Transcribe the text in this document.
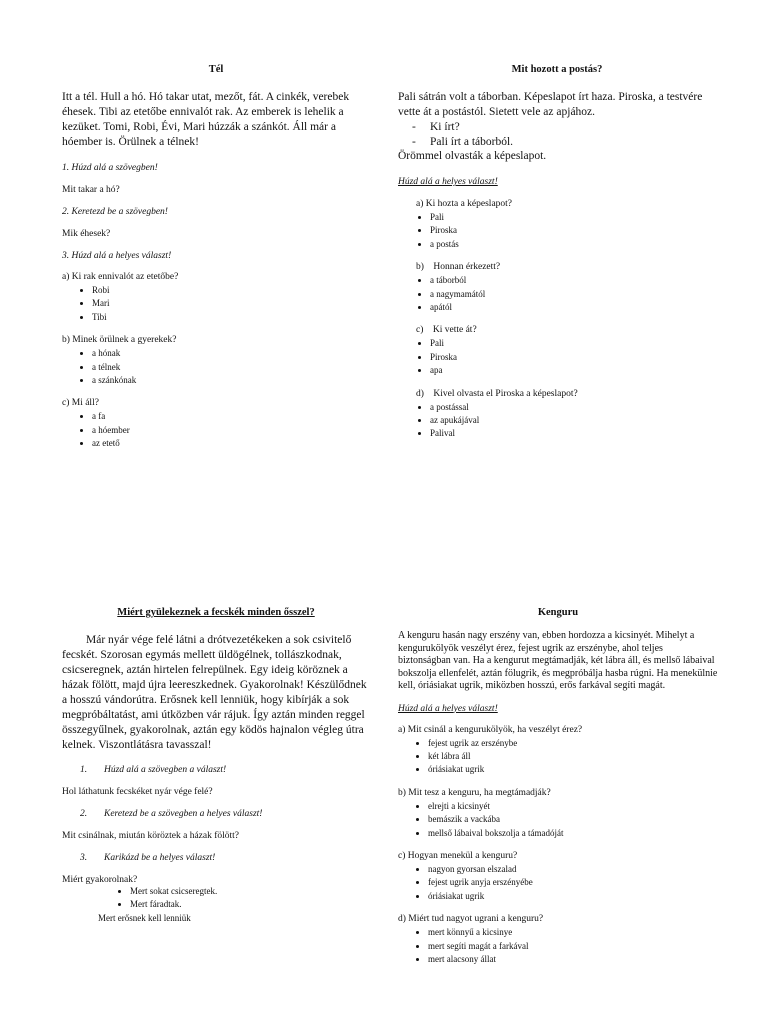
Tél

Itt a tél. Hull a hó. Hó takar utat, mezőt, fát. A cinkék, verebek éhesek. Tibi az etetőbe ennivalót rak. Az emberek is lehelik a kezüket. Tomi, Robi, Évi, Mari húzzák a szánkót. Áll már a hóember is. Örülnek a télnek!

1. Húzd alá a szövegben!

Mit takar a hó?

2. Keretezd be a szövegben!

Mik éhesek?

3. Húzd alá a helyes választ!

a) Ki rak ennivalót az etetőbe?

• Robi
• Mari
• Tibi

b) Minek örülnek a gyerekek?

• a hónak
• a télnek
• a szánkónak

c) Mi áll?

• a fa
• a hóember
• az etető

Mit hozott a postás?

Pali sátrán volt a táborban. Képeslapot írt haza. Piroska, a testvére vette át a postástól. Sietett vele az apjához.

- Ki írt?
- Pali írt a táborból.

Örömmel olvasták a képeslapot.

Húzd alá a helyes választ!

a) Ki hozta a képeslapot?

• Pali
• Piroska
• a postás

b)    Honnan érkezett?

• a táborból
• a nagymamától
• apától

c)    Ki vette át?

• Pali
• Piroska
• apa

d)    Kivel olvasta el Piroska a képeslapot?

• a postással
• az apukájával
• Palival

Miért gyülekeznek a fecskék minden ősszel?

Már nyár vége felé látni a drótvezetékeken a sok csivitelő fecskét. Szorosan egymás mellett üldögélnek, tollászkodnak, csicseregnek, aztán hirtelen felrepülnek. Egy ideig köröznek a házak fölött, majd újra leereszkednek. Gyakorolnak! Készülődnek a hosszú vándorútra. Erősnek kell lenniük, hogy kibírják a sok megpróbáltatást, ami útközben vár rájuk. Így aztán minden reggel összegyűlnek, gyakorolnak, aztán egy ködös hajnalon végleg útra kelnek. Viszontlátásra tavasszal!

1. Húzd alá a szövegben a választ!

Hol láthatunk fecskéket nyár vége felé?

2. Keretezd be a szövegben a helyes választ!

Mit csinálnak, miután köröztek a házak fölött?

3. Karikázd be a helyes választ!

Miért gyakorolnak?

• Mert sokat csicseregtek.
• Mert fáradtak.

Mert erősnek kell lenniük

Kenguru

A kenguru hasán nagy erszény van, ebben hordozza a kicsinyét. Mihelyt a kengurukölyök veszélyt érez, fejest ugrik az erszénybe, ahol teljes biztonságban van. Ha a kengurut megtámadják, két lábra áll, és mellső lábaival bokszolja ellenfelét, aztán fölugrik, és megpróbálja hasba rúgni. Ha menekülnie kell, óriásiakat ugrik, miközben hosszú, erős farkával segíti magát.

Húzd alá a helyes választ!

a) Mit csinál a kengurukölyök, ha veszélyt érez?

• fejest ugrik az erszénybe
• két lábra áll
• óriásiakat ugrik

b) Mit tesz a kenguru, ha megtámadják?

• elrejti a kicsinyét
• bemászik a vackába
• mellső lábaival bokszolja a támadóját

c) Hogyan menekül a kenguru?

• nagyon gyorsan elszalad
• fejest ugrik anyja erszényébe
• óriásiakat ugrik

d) Miért tud nagyot ugrani a kenguru?

• mert könnyű a kicsinye
• mert segíti magát a farkával
• mert alacsony állat
